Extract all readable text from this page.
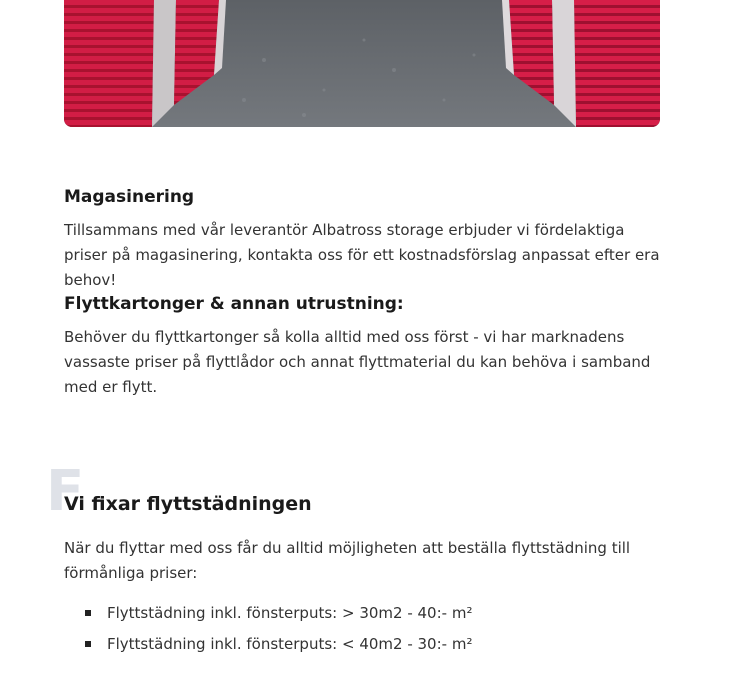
Magasinering

Tillsammans med vår leverantör Albatross storage erbjuder vi fördelaktiga priser på magasinering, kontakta oss för ett kostnadsförslag anpassat efter era behov!

Flyttkartonger & annan utrustning:

Behöver du flyttkartonger så kolla alltid med oss först - vi har marknadens vassaste priser på flyttlådor och annat flyttmaterial du kan behöva i samband med er flytt.

F
Vi fixar flyttstädningen

När du flyttar med oss får du alltid möjligheten att beställa flyttstädning till förmånliga priser:

Flyttstädning inkl. fönsterputs: > 30m2 - 40:- m²
Flyttstädning inkl. fönsterputs: < 40m2 - 30:- m²
